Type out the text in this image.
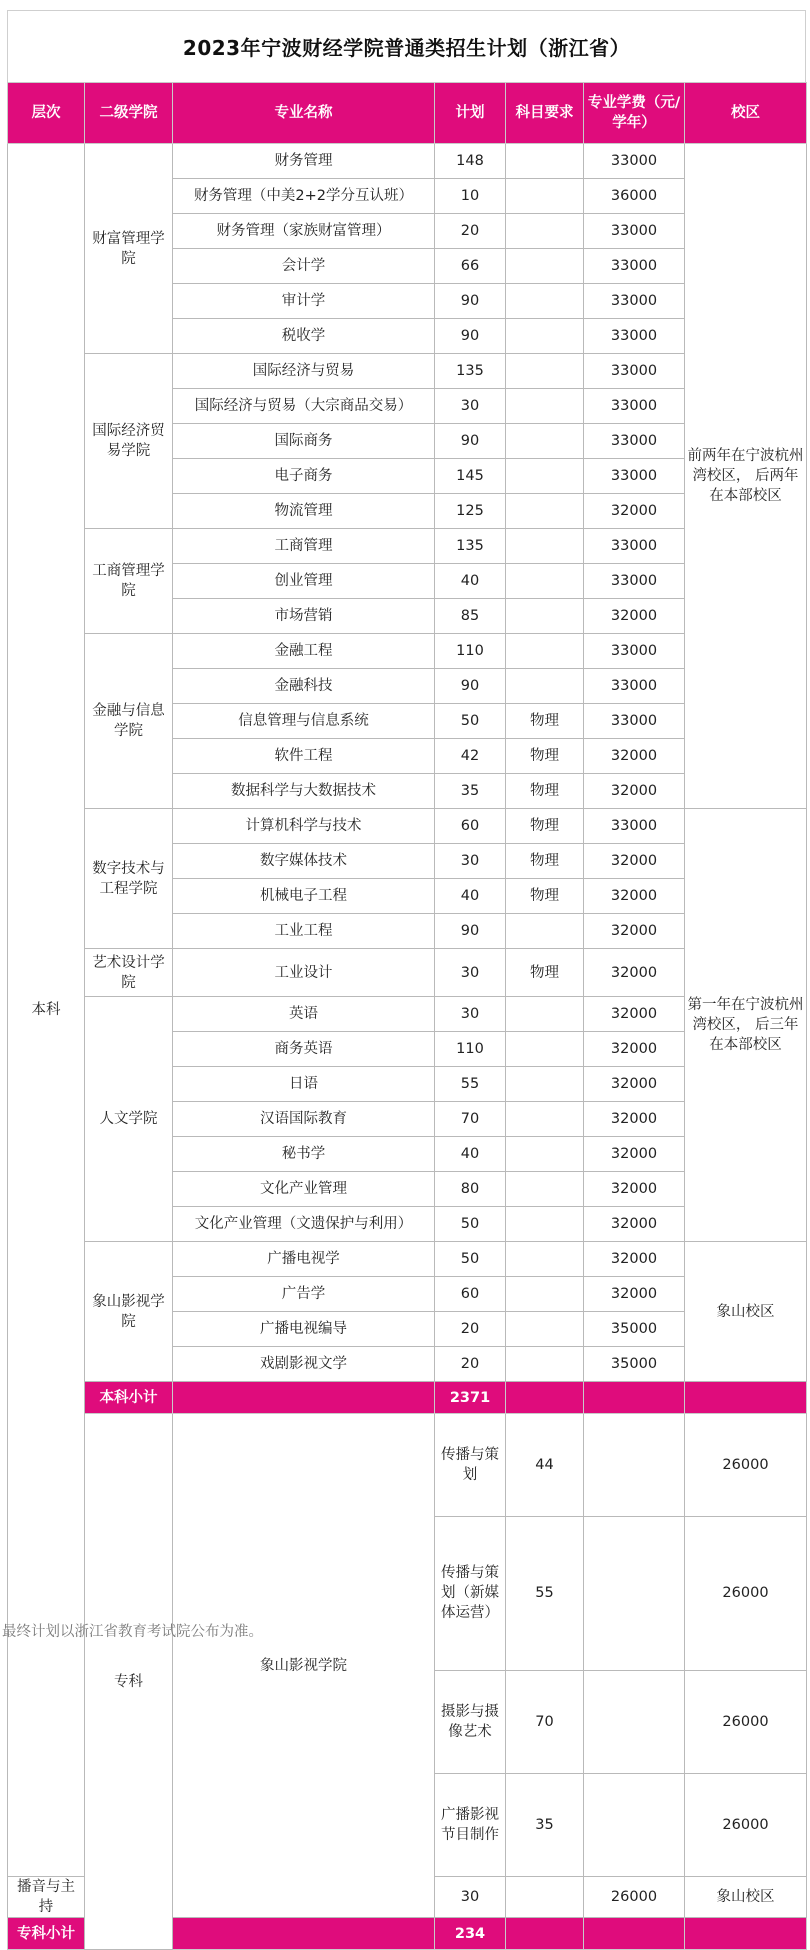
2023年宁波财经学院普通类招生计划（浙江省）
层次	二级学院	专业名称	计划	科目要求	专业学费（元/学年）	校区	
本科	财富管理学院	财务管理	148		33000	前两年在宁波杭州湾校区， 后两年在本部校区	
		财务管理（中美2+2学分互认班）	10		36000		
		财务管理（家族财富管理）	20		33000		
		会计学	66		33000		
		审计学	90		33000		
		税收学	90		33000		
	国际经济贸易学院	国际经济与贸易	135		33000		
		国际经济与贸易（大宗商品交易）	30		33000		
		国际商务	90		33000		
		电子商务	145		33000		
		物流管理	125		32000		
	工商管理学院	工商管理	135		33000		
		创业管理	40		33000		
		市场营销	85		32000		
	金融与信息学院	金融工程	110		33000		
		金融科技	90		33000		
		信息管理与信息系统	50	物理	33000		
		软件工程	42	物理	32000		
		数据科学与大数据技术	35	物理	32000		
	数字技术与工程学院	计算机科学与技术	60	物理	33000	第一年在宁波杭州湾校区， 后三年在本部校区	
		数字媒体技术	30	物理	32000		
		机械电子工程	40	物理	32000		
		工业工程	90		32000		
	艺术设计学院	工业设计	30	物理	32000		
	人文学院	英语	30		32000		
		商务英语	110		32000		
		日语	55		32000		
		汉语国际教育	70		32000		
		秘书学	40		32000		
		文化产业管理	80		32000		
		文化产业管理（文遗保护与利用）	50		32000		
	象山影视学院	广播电视学	50		32000	象山校区	
		广告学	60		32000		
		广播电视编导	20		35000		
		戏剧影视文学	20		35000		
	本科小计		2371				
	专科	象山影视学院	传播与策划	44		26000	
			传播与策划（新媒体运营）	55		26000	
			摄影与摄像艺术	70		26000	
			广播影视节目制作	35		26000	
播音与主持			30		26000	象山校区	
专科小计			234				
最终计划以浙江省教育考试院公布为准。
